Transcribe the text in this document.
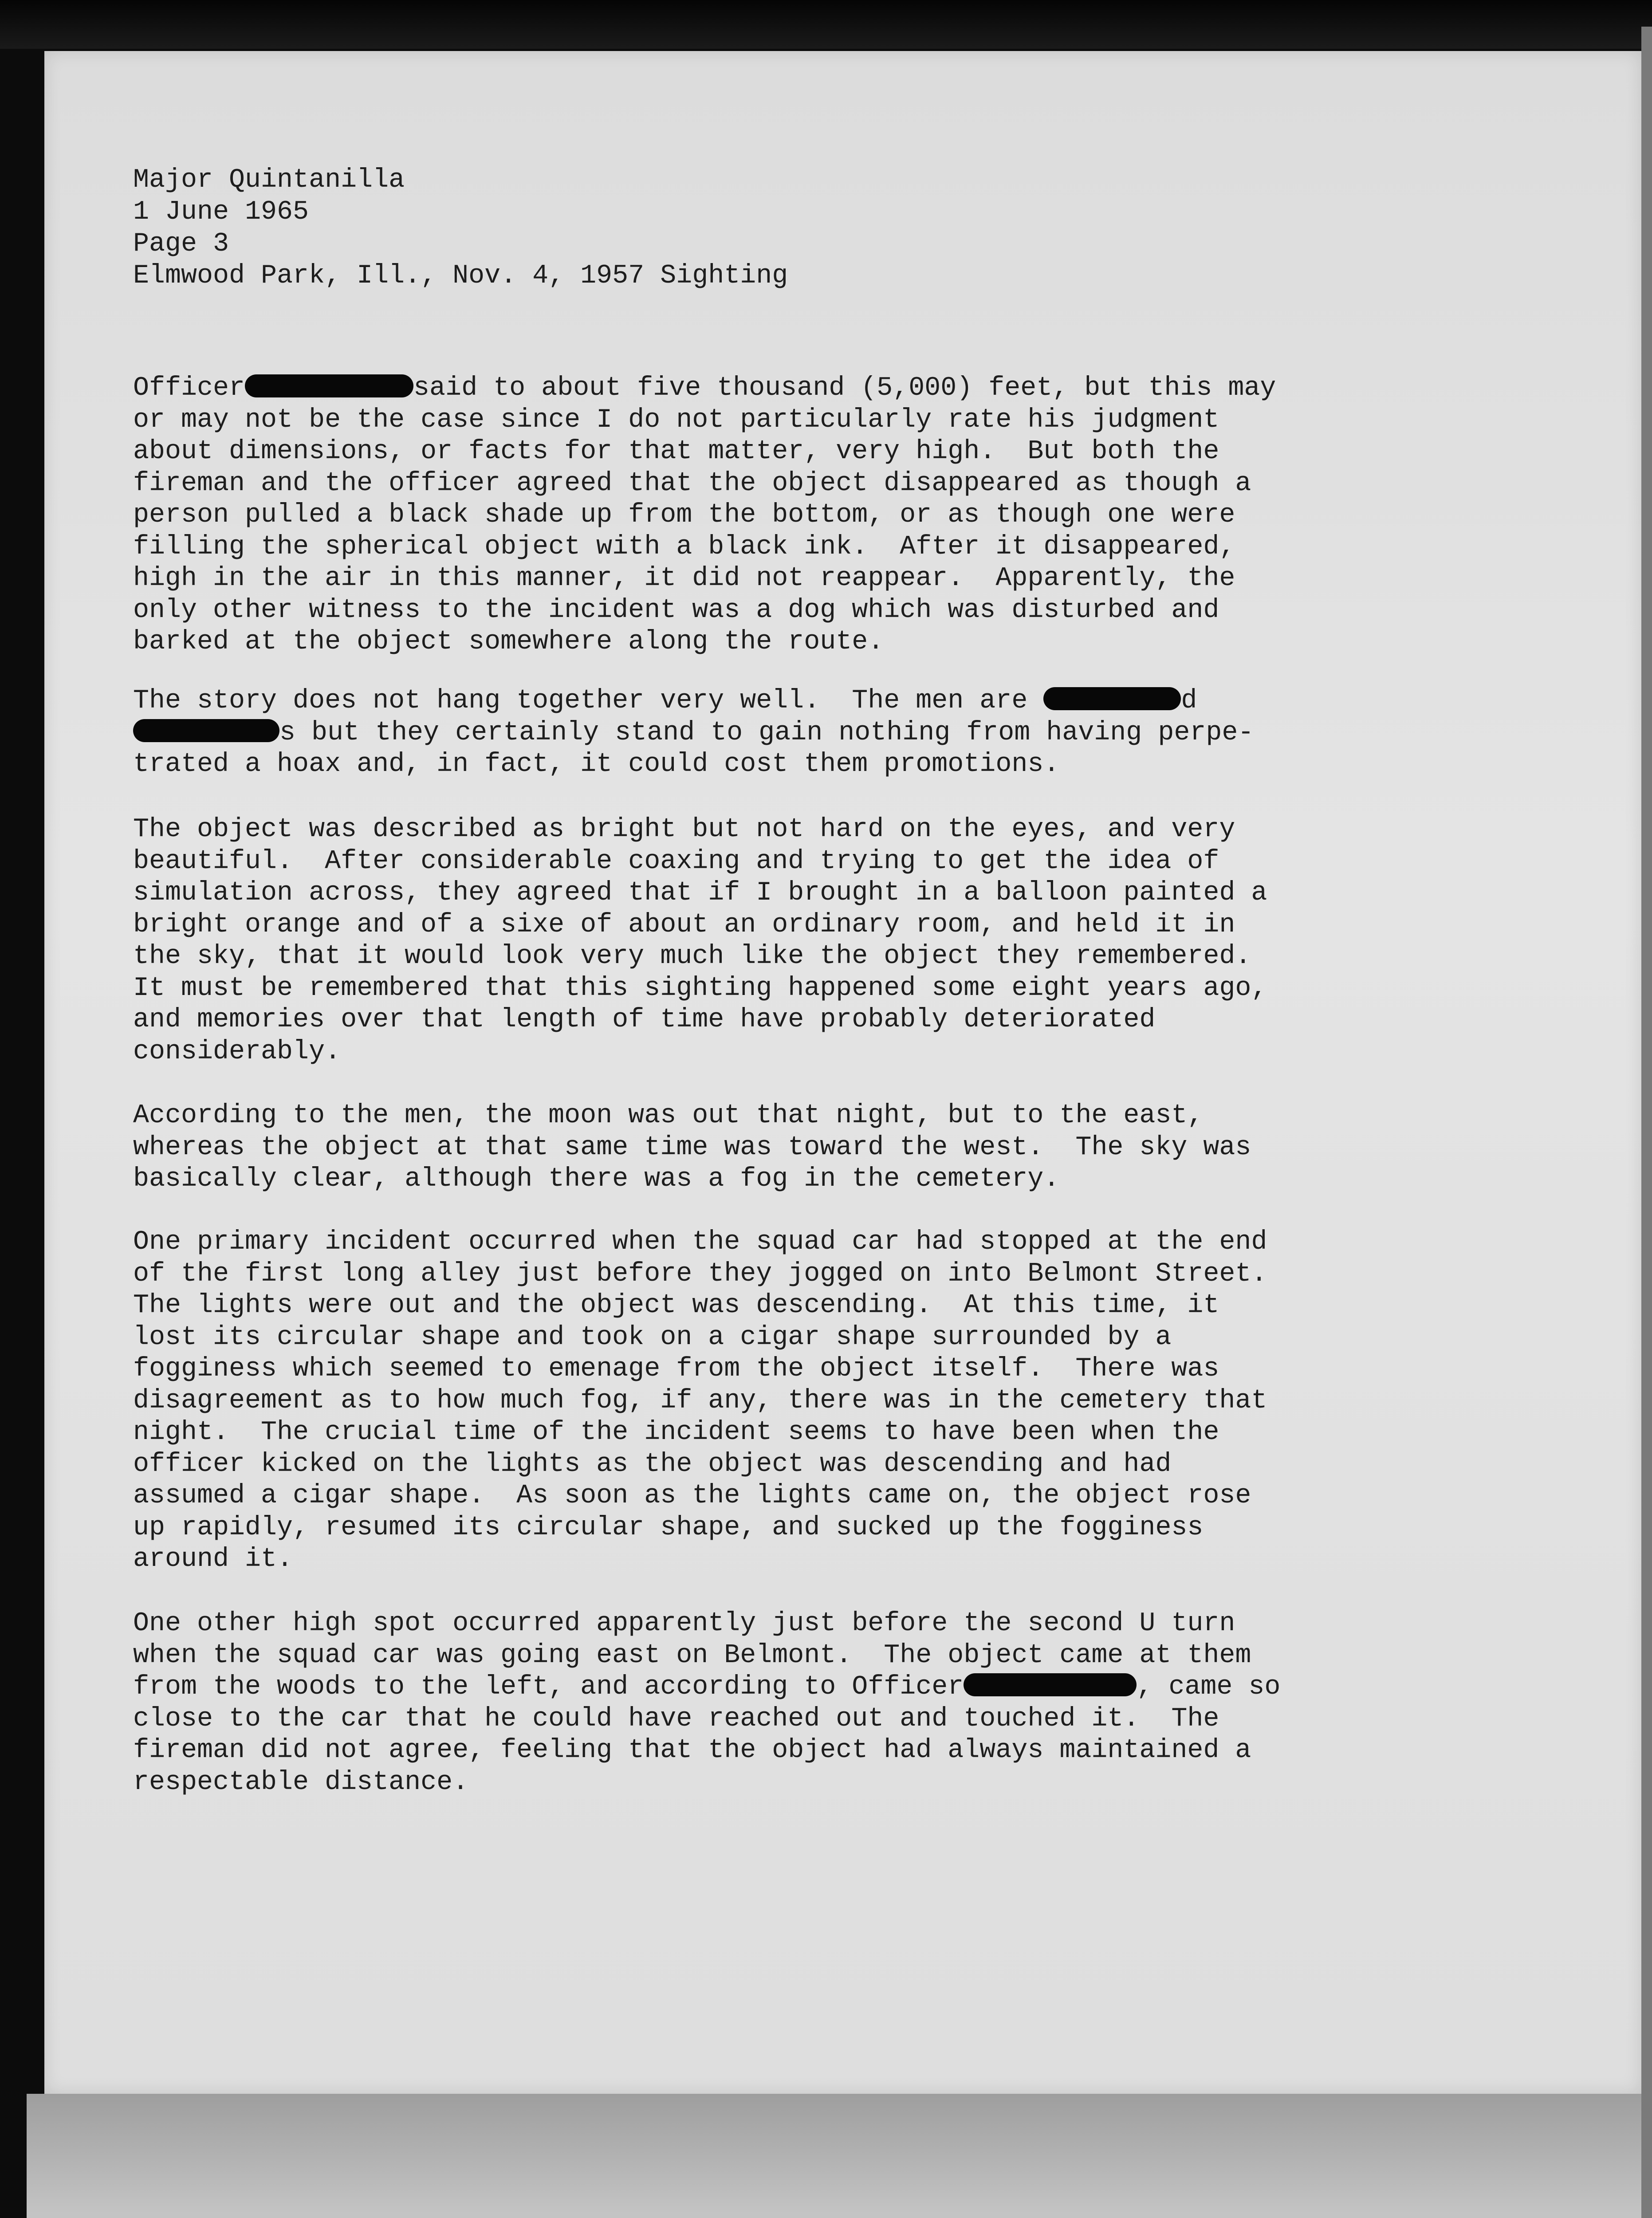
Major Quintanilla
1 June 1965
Page 3
Elmwood Park, Ill., Nov. 4, 1957 Sighting
Officer	said to about five thousand (5,000) feet, but this may
or may not be the case since I do not particularly rate his judgment
about dimensions, or facts for that matter, very high.  But both the
fireman and the officer agreed that the object disappeared as though a
person pulled a black shade up from the bottom, or as though one were
filling the spherical object with a black ink.  After it disappeared,
high in the air in this manner, it did not reappear.  Apparently, the
only other witness to the incident was a dog which was disturbed and
barked at the object somewhere along the route.
The story does not hang together very well.  The men are	d
s but they certainly stand to gain nothing from having perpe-
trated a hoax and, in fact, it could cost them promotions.
The object was described as bright but not hard on the eyes, and very
beautiful.  After considerable coaxing and trying to get the idea of
simulation across, they agreed that if I brought in a balloon painted a
bright orange and of a sixe of about an ordinary room, and held it in
the sky, that it would look very much like the object they remembered.
It must be remembered that this sighting happened some eight years ago,
and memories over that length of time have probably deteriorated
considerably.
According to the men, the moon was out that night, but to the east,
whereas the object at that same time was toward the west.  The sky was
basically clear, although there was a fog in the cemetery.
One primary incident occurred when the squad car had stopped at the end
of the first long alley just before they jogged on into Belmont Street.
The lights were out and the object was descending.  At this time, it
lost its circular shape and took on a cigar shape surrounded by a
fogginess which seemed to emenage from the object itself.  There was
disagreement as to how much fog, if any, there was in the cemetery that
night.  The crucial time of the incident seems to have been when the
officer kicked on the lights as the object was descending and had
assumed a cigar shape.  As soon as the lights came on, the object rose
up rapidly, resumed its circular shape, and sucked up the fogginess
around it.
One other high spot occurred apparently just before the second U turn
when the squad car was going east on Belmont.  The object came at them
from the woods to the left, and according to Officer	, came so
close to the car that he could have reached out and touched it.  The
fireman did not agree, feeling that the object had always maintained a
respectable distance.
